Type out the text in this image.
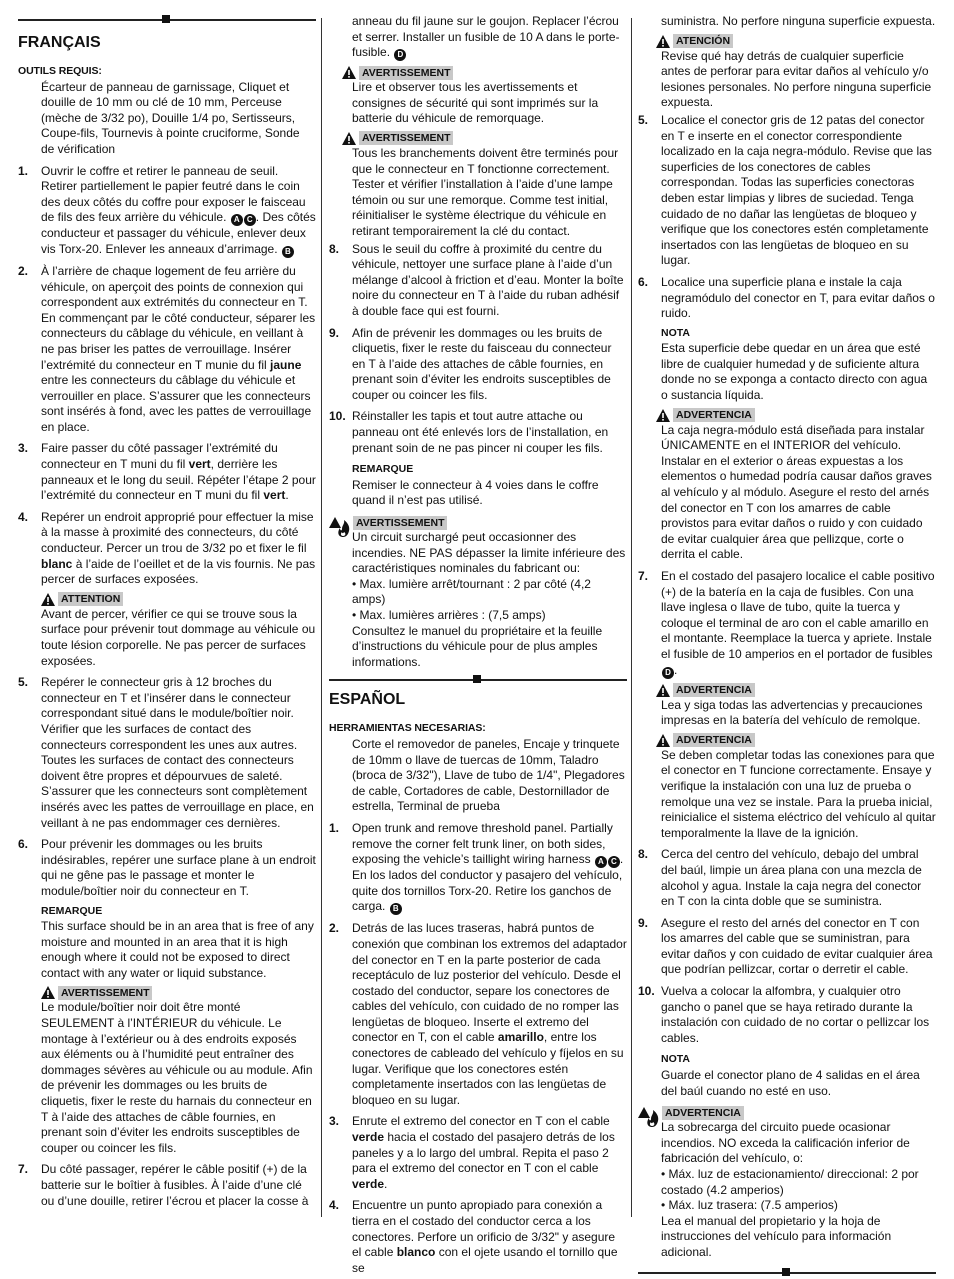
FRANÇAIS

OUTILS REQUIS:

Écarteur de panneau de garnissage, Cliquet et douille de 10 mm ou clé de 10 mm, Perceuse (mèche de 3/32 po), Douille 1/4 po, Sertisseurs, Coupe-fils, Tournevis à pointe cruciforme, Sonde de vérification

1. Ouvrir le coffre et retirer le panneau de seuil. Retirer partiellement le papier feutré dans le coin des deux côtés du coffre pour exposer le faisceau de fils des feux arrière du véhicule. A C . Des côtés conducteur et passager du véhicule, enlever deux vis Torx-20. Enlever les anneaux d’arrimage. B
2. À l’arrière de chaque logement de feu arrière du véhicule, on aperçoit des points de connexion qui correspondent aux extrémités du connecteur en T. En commençant par le côté conducteur, séparer les connecteurs du câblage du véhicule, en veillant à ne pas briser les pattes de verrouillage. Insérer l’extrémité du connecteur en T munie du fil jaune entre les connecteurs du câblage du véhicule et verrouiller en place. S’assurer que les connecteurs sont insérés à fond, avec les pattes de verrouillage en place.
3. Faire passer du côté passager l’extrémité du connecteur en T muni du fil vert, derrière les panneaux et le long du seuil. Répéter l’étape 2 pour l’extrémité du connecteur en T muni du fil vert.
4. Repérer un endroit approprié pour effectuer la mise à la masse à proximité des connecteurs, du côté conducteur. Percer un trou de 3/32 po et fixer le fil blanc à l’aide de l’oeillet et de la vis fournis. Ne pas percer de surfaces exposées.
ATTENTION

Avant de percer, vérifier ce qui se trouve sous la surface pour prévenir tout dommage au véhicule ou toute lésion corporelle. Ne pas percer de surfaces exposées.

5. Repérer le connecteur gris à 12 broches du connecteur en T et l’insérer dans le connecteur correspondant situé dans le module/boîtier noir. Vérifier que les surfaces de contact des connecteurs correspondent les unes aux autres. Toutes les surfaces de contact des connecteurs doivent être propres et dépourvues de saleté. S’assurer que les connecteurs sont complètement insérés avec les pattes de verrouillage en place, en veillant à ne pas endommager ces dernières.
6. Pour prévenir les dommages ou les bruits indésirables, repérer une surface plane à un endroit qui ne gêne pas le passage et monter le module/boîtier noir du connecteur en T.

REMARQUE

This surface should be in an area that is free of any moisture and mounted in an area that it is high enough where it could not be exposed to direct contact with any water or liquid substance.

AVERTISSEMENT

Le module/boîtier noir doit être monté SEULEMENT à l’INTÉRIEUR du véhicule. Le montage à l’extérieur ou à des endroits exposés aux éléments ou à l’humidité peut entraîner des dommages sévères au véhicule ou au module. Afin de prévenir les dommages ou les bruits de cliquetis, fixer le reste du harnais du connecteur en T à l’aide des attaches de câble fournies, en prenant soin d’éviter les endroits susceptibles de couper ou coincer les fils.

7. Du côté passager, repérer le câble positif (+) de la batterie sur le boîtier à fusibles. À l’aide d’une clé ou d’une douille, retirer l’écrou et placer la cosse à
anneau du fil jaune sur le goujon. Replacer l’écrou et serrer. Installer un fusible de 10 A dans le porte-fusible. D
AVERTISSEMENT

Lire et observer tous les avertissements et consignes de sécurité qui sont imprimés sur la batterie du véhicule de remorquage.

AVERTISSEMENT

Tous les branchements doivent être terminés pour que le connecteur en T fonctionne correctement. Tester et vérifier l’installation à l’aide d’une lampe témoin ou sur une remorque. Comme test initial, réinitialiser le système électrique du véhicule en retirant temporairement la clé du contact.

8. Sous le seuil du coffre à proximité du centre du véhicule, nettoyer une surface plane à l’aide d’un mélange d’alcool à friction et d’eau. Monter la boîte noire du connecteur en T à l’aide du ruban adhésif à double face qui est fourni.
9. Afin de prévenir les dommages ou les bruits de cliquetis, fixer le reste du faisceau du connecteur en T à l’aide des attaches de câble fournies, en prenant soin d’éviter les endroits susceptibles de couper ou coincer les fils.
10. Réinstaller les tapis et tout autre attache ou panneau ont été enlevés lors de l’installation, en prenant soin de ne pas pincer ni couper les fils.

REMARQUE

Remiser le connecteur à 4 voies dans le coffre quand il n’est pas utilisé.

AVERTISSEMENT

Un circuit surchargé peut occasionner des incendies. NE PAS dépasser la limite inférieure des caractéristiques nominales du fabricant ou:

• Max. lumière arrêt/tournant : 2 par côté (4,2 amps)

• Max. lumières arrières : (7,5 amps)

Consultez le manuel du propriétaire et la feuille d’instructions du véhicule pour de plus amples informations.

ESPAÑOL

HERRAMIENTAS NECESARIAS:

Corte el removedor de paneles, Encaje y trinquete de 10mm o llave de tuercas de 10mm, Taladro (broca de 3/32"), Llave de tubo de 1/4", Plegadores de cable, Cortadores de cable, Destornillador de estrella, Terminal de prueba

1. Open trunk and remove threshold panel. Partially remove the corner felt trunk liner, on both sides, exposing the vehicle’s taillight wiring harness A C . En los lados del conductor y pasajero del vehículo, quite dos tornillos Torx-20. Retire los ganchos de carga. B
2. Detrás de las luces traseras, habrá puntos de conexión que combinan los extremos del adaptador del conector en T en la parte posterior de cada receptáculo de luz posterior del vehículo. Desde el costado del conductor, separe los conectores de cables del vehículo, con cuidado de no romper las lengüetas de bloqueo. Inserte el extremo del conector en T, con el cable amarillo, entre los conectores de cableado del vehículo y fíjelos en su lugar. Verifique que los conectores estén completamente insertados con las lengüetas de bloqueo en su lugar.
3. Enrute el extremo del conector en T con el cable verde hacia el costado del pasajero detrás de los paneles y a lo largo del umbral. Repita el paso 2 para el extremo del conector en T con el cable verde.
4. Encuentre un punto apropiado para conexión a tierra en el costado del conductor cerca a los conectores. Perfore un orificio de 3/32" y asegure el cable blanco con el ojete usando el tornillo que se
suministra. No perfore ninguna superficie expuesta.
ATENCIÓN

Revise qué hay detrás de cualquier superficie antes de perforar para evitar daños al vehículo y/o lesiones personales. No perfore ninguna superficie expuesta.

5. Localice el conector gris de 12 patas del conector en T e inserte en el conector correspondiente localizado en la caja negra-módulo. Revise que las superficies de los conectores de cables correspondan. Todas las superficies conectoras deben estar limpias y libres de suciedad. Tenga cuidado de no dañar las lengüetas de bloqueo y verifique que los conectores estén completamente insertados con las lengüetas de bloqueo en su lugar.
6. Localice una superficie plana e instale la caja negramódulo del conector en T, para evitar daños o ruido.

NOTA

Esta superficie debe quedar en un área que esté libre de cualquier humedad y de suficiente altura donde no se exponga a contacto directo con agua o sustancia líquida.

ADVERTENCIA

La caja negra-módulo está diseñada para instalar ÚNICAMENTE en el INTERIOR del vehículo. Instalar en el exterior o áreas expuestas a los elementos o humedad podría causar daños graves al vehículo y al módulo. Asegure el resto del arnés del conector en T con los amarres de cable provistos para evitar daños o ruido y con cuidado de evitar cualquier área que pellizque, corte o derrita el cable.

7. En el costado del pasajero localice el cable positivo (+) de la batería en la caja de fusibles. Con una llave inglesa o llave de tubo, quite la tuerca y coloque el terminal de aro con el cable amarillo en el montante. Reemplace la tuerca y apriete. Instale el fusible de 10 amperios en el portador de fusibles D .
ADVERTENCIA

Lea y siga todas las advertencias y precauciones impresas en la batería del vehículo de remolque.

ADVERTENCIA

Se deben completar todas las conexiones para que el conector en T funcione correctamente. Ensaye y verifique la instalación con una luz de prueba o remolque una vez se instale. Para la prueba inicial, reinicialice el sistema eléctrico del vehículo al quitar temporalmente la llave de la ignición.

8. Cerca del centro del vehículo, debajo del umbral del baúl, limpie un área plana con una mezcla de alcohol y agua. Instale la caja negra del conector en T con la cinta doble que se suministra.
9. Asegure el resto del arnés del conector en T con los amarres del cable que se suministran, para evitar daños y con cuidado de evitar cualquier área que podrían pellizcar, cortar o derretir el cable.
10. Vuelva a colocar la alfombra, y cualquier otro gancho o panel que se haya retirado durante la instalación con cuidado de no cortar o pellizcar los cables.

NOTA

Guarde el conector plano de 4 salidas en el área del baúl cuando no esté en uso.

ADVERTENCIA

La sobrecarga del circuito puede ocasionar incendios. NO exceda la calificación inferior de fabricación del vehículo, o:

• Máx. luz de estacionamiento/ direccional: 2 por costado (4.2 amperios)

• Máx. luz trasera: (7.5 amperios)

Lea el manual del propietario y la hoja de instrucciones del vehículo para información adicional.
